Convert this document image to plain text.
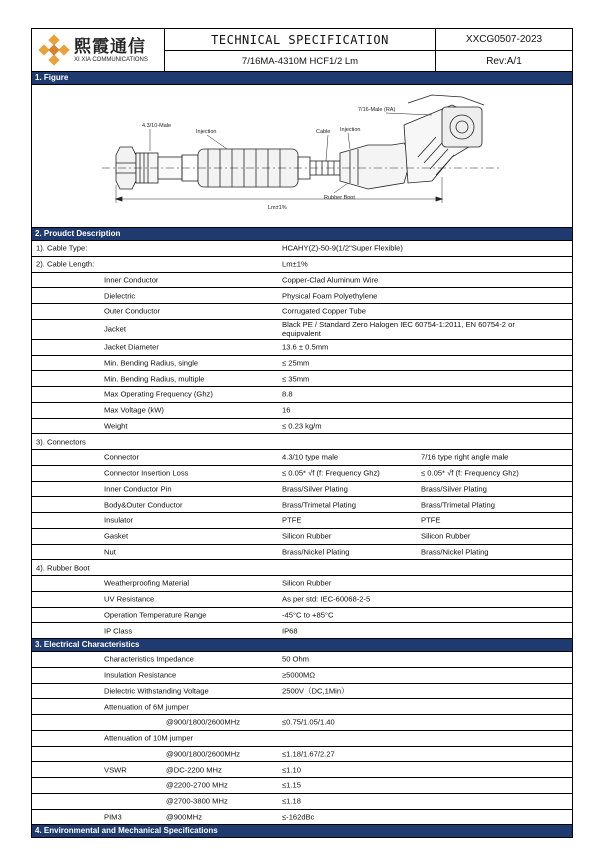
熙霞通信
XI XIA COMMUNICATIONS
TECHNICAL SPECIFICATION
7/16MA-4310M HCF1/2 Lm
XXCG0507-2023
Rev:A/1
1. Figure
4.3/10-Male
Injection	Cable Injection
7/16-Male (RA)
Rubber Boot
Lm±1%
2. Proudct Description
1). Cable Type:	HCAHY(Z)-50-9(1/2"Super Flexible)
2). Cable Length:	Lm±1%
Inner Conductor	Copper-Clad Aluminum Wire
Dielectric	Physical Foam Polyethylene
Outer Conductor	Corrugated Copper Tube
Jacket	Black PE / Standard Zero Halogen IEC 60754-1:2011, EN 60754-2 or equipvalent
Jacket Diameter	13.6 ± 0.5mm
Min. Bending Radius, single	≤ 25mm
Min. Bending Radius, multiple	≤ 35mm
Max Operating Frequency (Ghz)	8.8
Max Voltage (kW)	16
Weight	≤ 0.23 kg/m
3). Connectors
Connector	4.3/10 type male	7/16 type right angle male
Connector Insertion Loss	≤ 0.05* √f (f: Frequency Ghz)	≤ 0.05* √f (f: Frequency Ghz)
Inner Conductor Pin	Brass/Silver Plating	Brass/Silver Plating
Body&Outer Conductor	Brass/Trimetal Plating	Brass/Trimetal Plating
Insulator	PTFE	PTFE
Gasket	Silicon Rubber	Silicon Rubber
Nut	Brass/Nickel Plating	Brass/Nickel Plating
4). Rubber Boot
Weatherproofing Material	Silicon Rubber
UV Resistance	As per std: IEC-60068-2-5
Operation Temperature Range	-45°C to +85°C
IP Class	IP68
3. Electrical Characteristics
Characteristics Impedance	50 Ohm
Insulation Resistance	≥5000MΩ
Dielectric Withstanding Voltage	2500V（DC,1Min）
Attenuation of 6M jumper
@900/1800/2600MHz	≤0.75/1.05/1.40
Attenuation of 10M jumper
@900/1800/2600MHz	≤1.18/1.67/2.27
VSWR	@DC-2200 MHz	≤1.10
@2200-2700 MHz	≤1.15
@2700-3800 MHz	≤1.18
PIM3	@900MHz	≤-162dBc
4. Environmental and Mechanical Specifications
